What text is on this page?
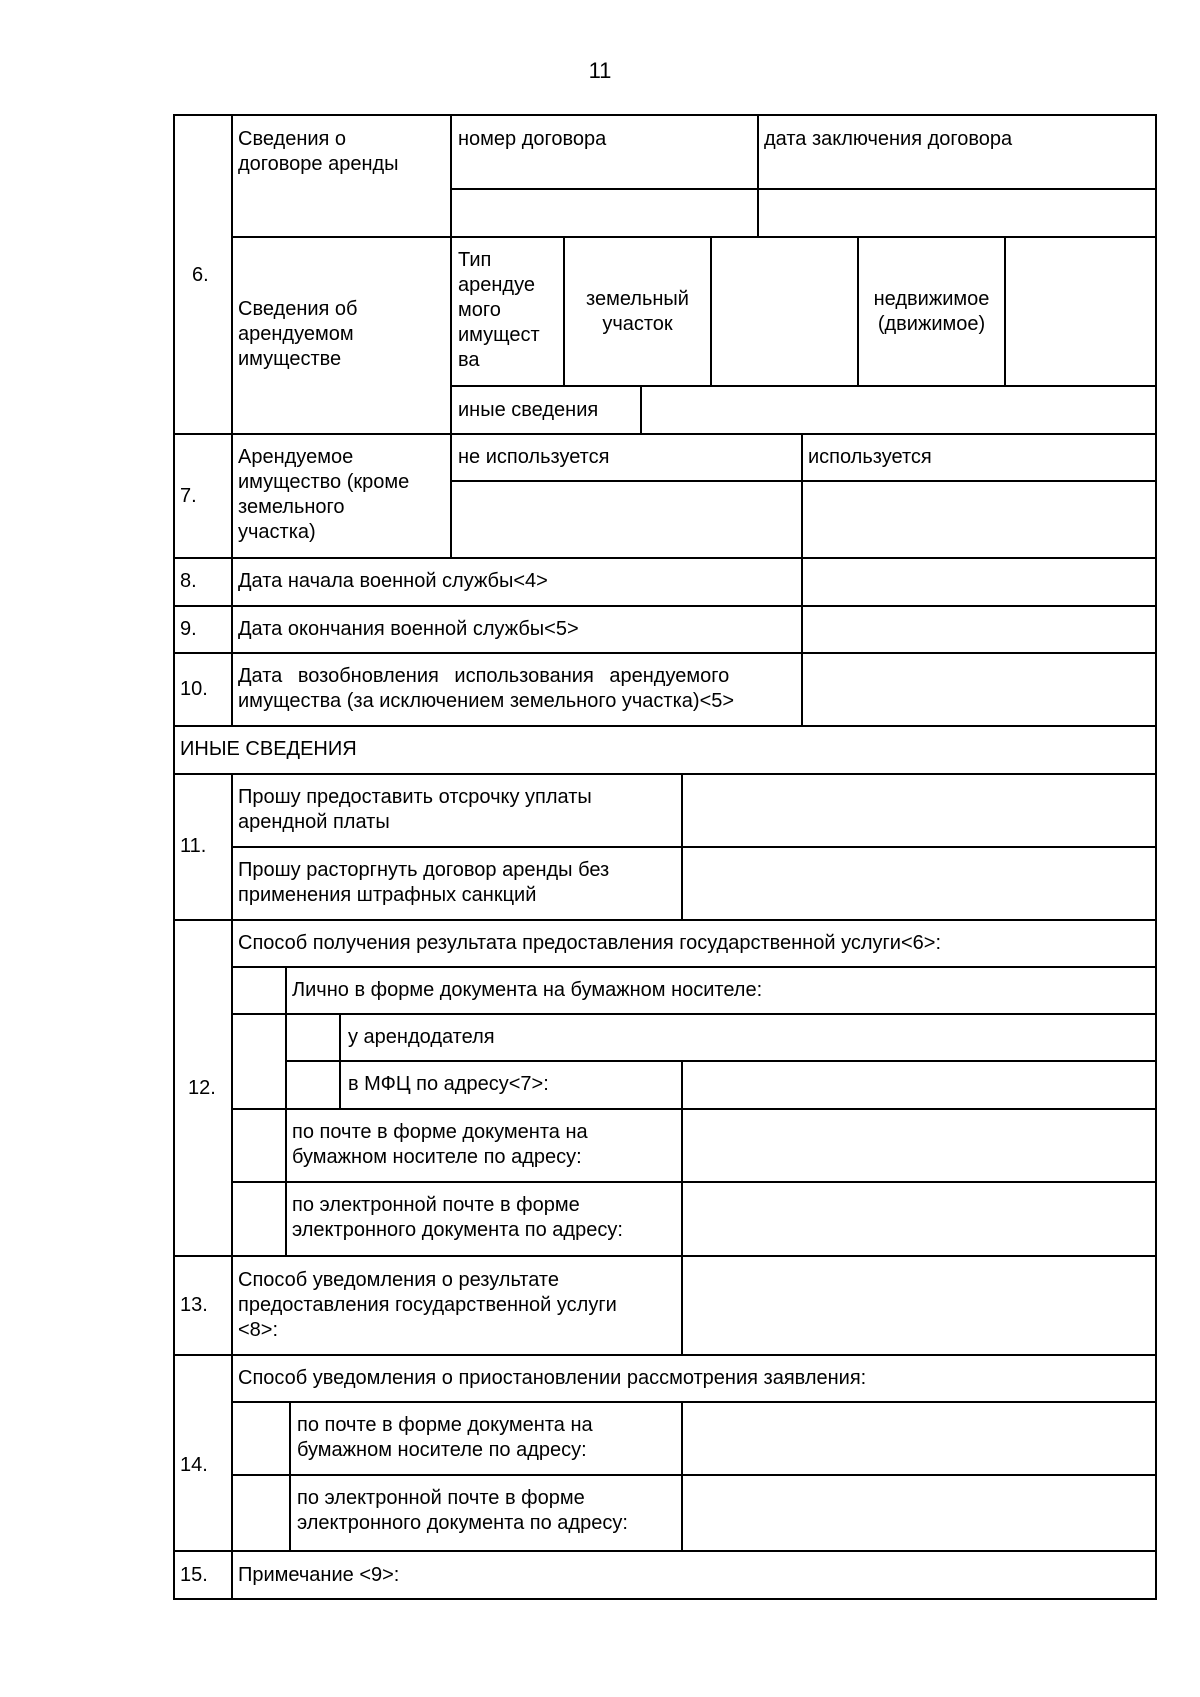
11
6.
Сведения о
договоре аренды
номер договора	дата заключения договора
Сведения об
арендуемом
имуществе
Тип
арендуе
мого
имущест
ва
земельный
участок
недвижимое
(движимое)
иные сведения
7.
Арендуемое
имущество (кроме
земельного
участка)
не используется	используется
8. Дата начала военной службы<4>
9. Дата окончания военной службы<5>
10.
Дата возобновления использования арендуемого
имущества (за исключением земельного участка)<5>
ИНЫЕ СВЕДЕНИЯ
11.
Прошу предоставить отсрочку уплаты
арендной платы
Прошу расторгнуть договор аренды без
применения штрафных санкций
12.
Способ получения результата предоставления государственной услуги<6>:
Лично в форме документа на бумажном носителе:
у арендодателя
в МФЦ по адресу<7>:
по почте в форме документа на
бумажном носителе по адресу:
по электронной почте в форме
электронного документа по адресу:
13.
Способ уведомления о результате
предоставления государственной услуги
<8>:
14.
Способ уведомления о приостановлении рассмотрения заявления:
по почте в форме документа на
бумажном носителе по адресу:
по электронной почте в форме
электронного документа по адресу:
15. Примечание <9>:
